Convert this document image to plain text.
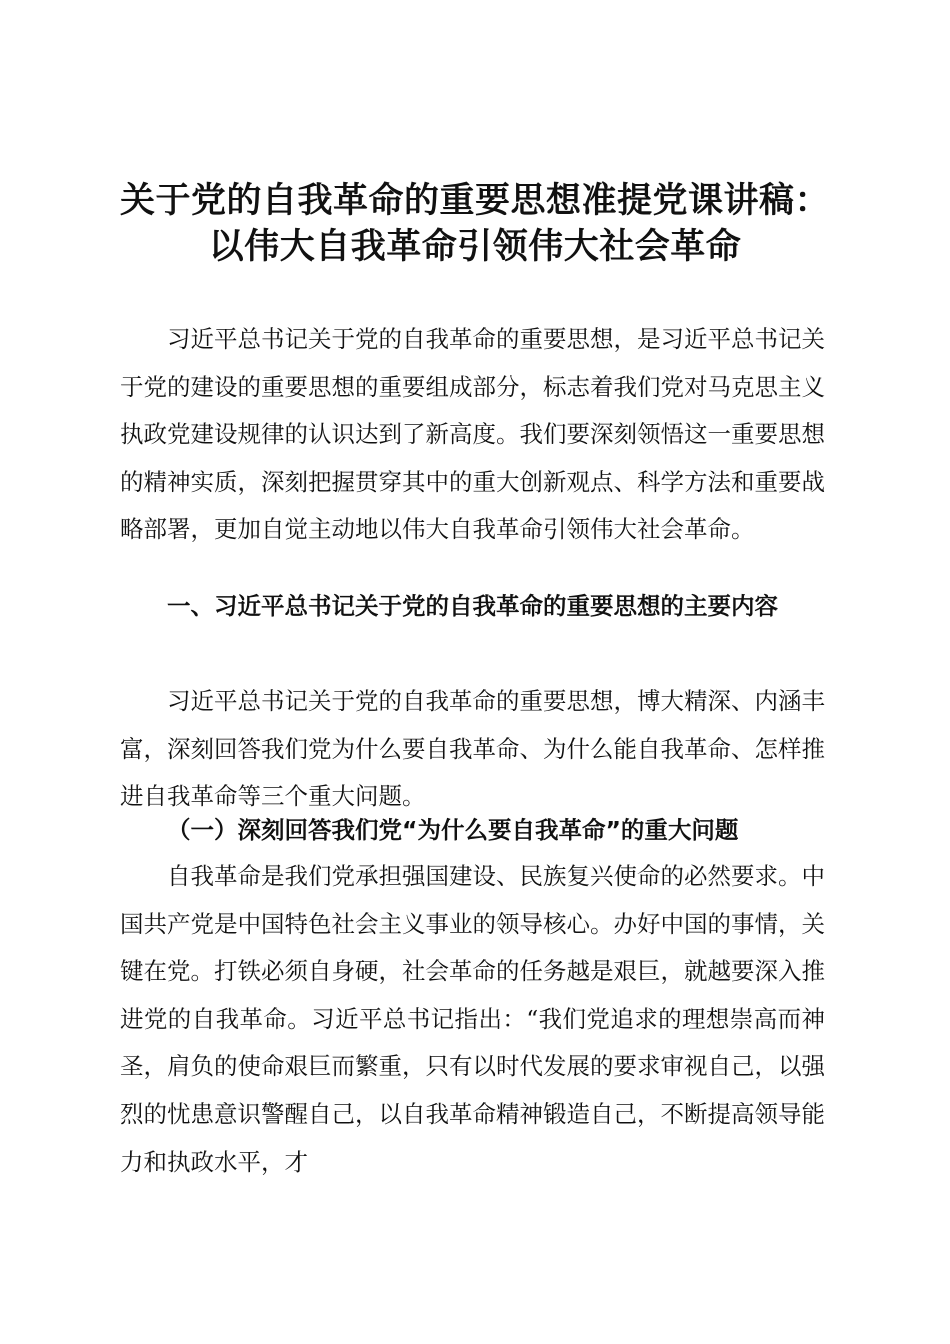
关于党的自我革命的重要思想准提党课讲稿：
以伟大自我革命引领伟大社会革命

习近平总书记关于党的自我革命的重要思想，是习近平总书记关于党的建设的重要思想的重要组成部分，标志着我们党对马克思主义执政党建设规律的认识达到了新高度。我们要深刻领悟这一重要思想的精神实质，深刻把握贯穿其中的重大创新观点、科学方法和重要战略部署，更加自觉主动地以伟大自我革命引领伟大社会革命。

一、习近平总书记关于党的自我革命的重要思想的主要内容

习近平总书记关于党的自我革命的重要思想，博大精深、内涵丰富，深刻回答我们党为什么要自我革命、为什么能自我革命、怎样推进自我革命等三个重大问题。

（一）深刻回答我们党“为什么要自我革命”的重大问题

自我革命是我们党承担强国建设、民族复兴使命的必然要求。中国共产党是中国特色社会主义事业的领导核心。办好中国的事情，关键在党。打铁必须自身硬，社会革命的任务越是艰巨，就越要深入推进党的自我革命。习近平总书记指出：“我们党追求的理想崇高而神圣，肩负的使命艰巨而繁重，只有以时代发展的要求审视自己，以强烈的忧患意识警醒自己，以自我革命精神锻造自己，不断提高领导能力和执政水平，才
